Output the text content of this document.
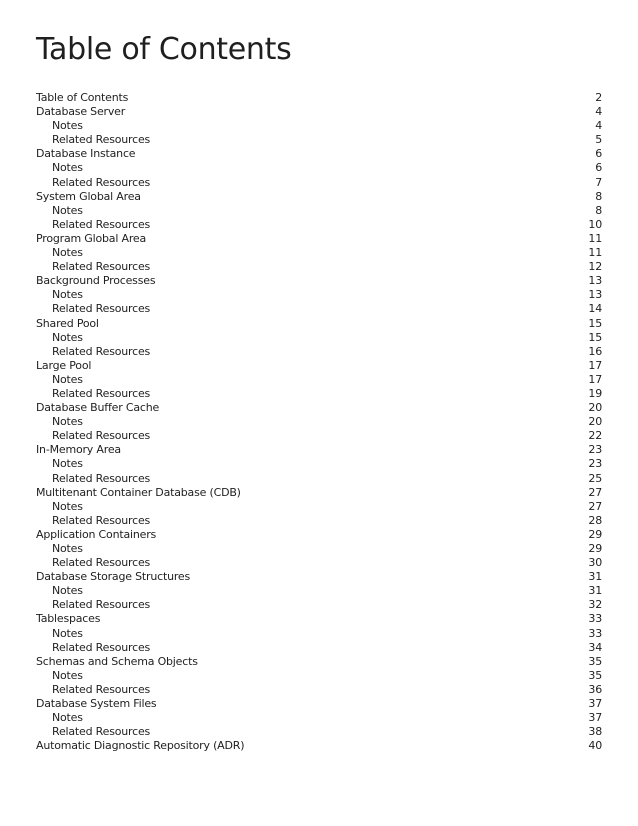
Table of Contents
Table of Contents	2
Database Server	4
Notes	4
Related Resources	5
Database Instance	6
Notes	6
Related Resources	7
System Global Area	8
Notes	8
Related Resources	10
Program Global Area	11
Notes	11
Related Resources	12
Background Processes	13
Notes	13
Related Resources	14
Shared Pool	15
Notes	15
Related Resources	16
Large Pool	17
Notes	17
Related Resources	19
Database Buffer Cache	20
Notes	20
Related Resources	22
In-Memory Area	23
Notes	23
Related Resources	25
Multitenant Container Database (CDB)	27
Notes	27
Related Resources	28
Application Containers	29
Notes	29
Related Resources	30
Database Storage Structures	31
Notes	31
Related Resources	32
Tablespaces	33
Notes	33
Related Resources	34
Schemas and Schema Objects	35
Notes	35
Related Resources	36
Database System Files	37
Notes	37
Related Resources	38
Automatic Diagnostic Repository (ADR)	40
